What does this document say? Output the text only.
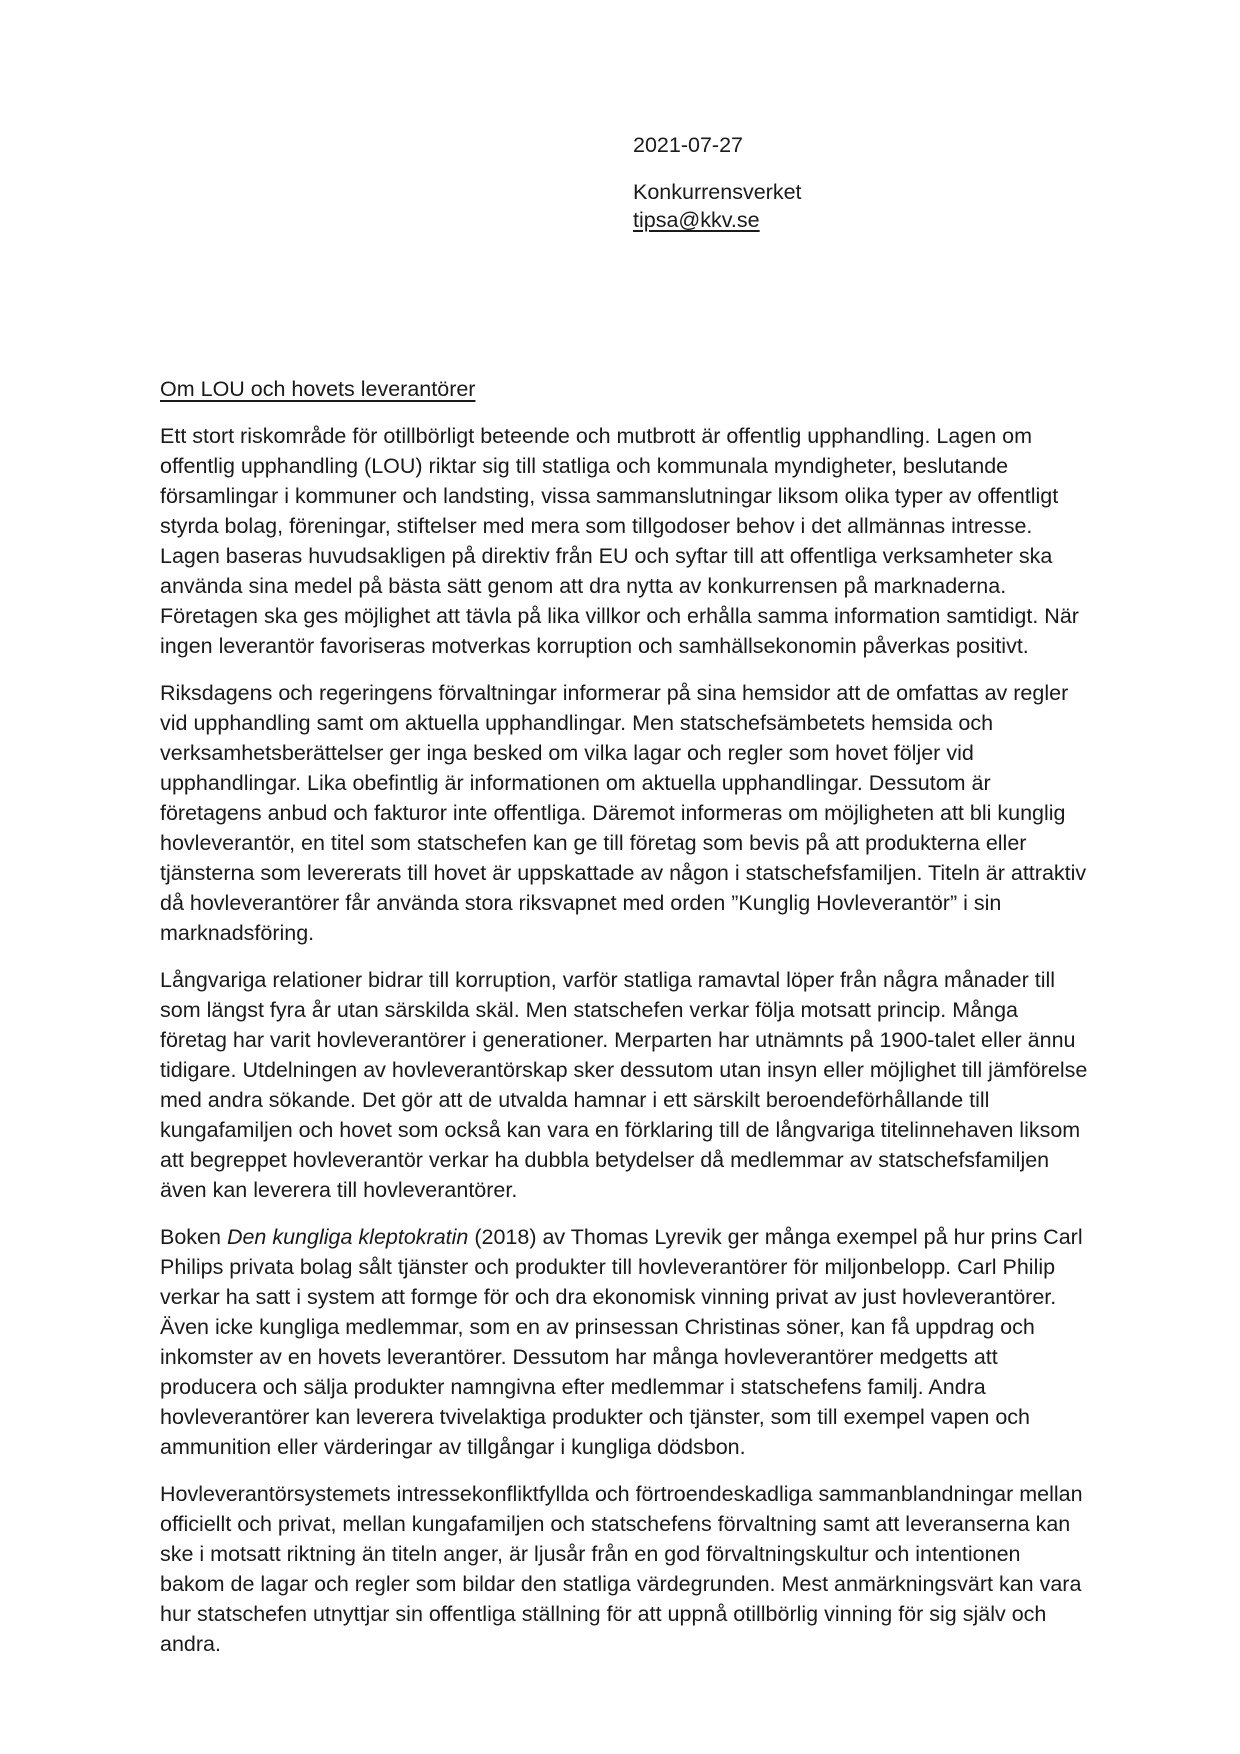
2021-07-27
Konkurrensverket
tipsa@kkv.se
Om LOU och hovets leverantörer

Ett stort riskområde för otillbörligt beteende och mutbrott är offentlig upphandling. Lagen om offentlig upphandling (LOU) riktar sig till statliga och kommunala myndigheter, beslutande församlingar i kommuner och landsting, vissa sammanslutningar liksom olika typer av offentligt styrda bolag, föreningar, stiftelser med mera som tillgodoser behov i det allmännas intresse. Lagen baseras huvudsakligen på direktiv från EU och syftar till att offentliga verksamheter ska använda sina medel på bästa sätt genom att dra nytta av konkurrensen på marknaderna. Företagen ska ges möjlighet att tävla på lika villkor och erhålla samma information samtidigt. När ingen leverantör favoriseras motverkas korruption och samhällsekonomin påverkas positivt.

Riksdagens och regeringens förvaltningar informerar på sina hemsidor att de omfattas av regler vid upphandling samt om aktuella upphandlingar. Men statschefsämbetets hemsida och verksamhetsberättelser ger inga besked om vilka lagar och regler som hovet följer vid upphandlingar. Lika obefintlig är informationen om aktuella upphandlingar. Dessutom är företagens anbud och fakturor inte offentliga. Däremot informeras om möjligheten att bli kunglig hovleverantör, en titel som statschefen kan ge till företag som bevis på att produkterna eller tjänsterna som levererats till hovet är uppskattade av någon i statschefsfamiljen. Titeln är attraktiv då hovleverantörer får använda stora riksvapnet med orden ”Kunglig Hovleverantör” i sin marknadsföring.

Långvariga relationer bidrar till korruption, varför statliga ramavtal löper från några månader till som längst fyra år utan särskilda skäl. Men statschefen verkar följa motsatt princip. Många företag har varit hovleverantörer i generationer. Merparten har utnämnts på 1900-talet eller ännu tidigare. Utdelningen av hovleverantörskap sker dessutom utan insyn eller möjlighet till jämförelse med andra sökande. Det gör att de utvalda hamnar i ett särskilt beroendeförhållande till kungafamiljen och hovet som också kan vara en förklaring till de långvariga titelinnehaven liksom att begreppet hovleverantör verkar ha dubbla betydelser då medlemmar av statschefsfamiljen även kan leverera till hovleverantörer.

Boken Den kungliga kleptokratin (2018) av Thomas Lyrevik ger många exempel på hur prins Carl Philips privata bolag sålt tjänster och produkter till hovleverantörer för miljonbelopp. Carl Philip verkar ha satt i system att formge för och dra ekonomisk vinning privat av just hovleverantörer. Även icke kungliga medlemmar, som en av prinsessan Christinas söner, kan få uppdrag och inkomster av en hovets leverantörer. Dessutom har många hovleverantörer medgetts att producera och sälja produkter namngivna efter medlemmar i statschefens familj. Andra hovleverantörer kan leverera tvivelaktiga produkter och tjänster, som till exempel vapen och ammunition eller värderingar av tillgångar i kungliga dödsbon.

Hovleverantörsystemets intressekonfliktfyllda och förtroendeskadliga sammanblandningar mellan officiellt och privat, mellan kungafamiljen och statschefens förvaltning samt att leveranserna kan ske i motsatt riktning än titeln anger, är ljusår från en god förvaltningskultur och intentionen bakom de lagar och regler som bildar den statliga värdegrunden. Mest anmärkningsvärt kan vara hur statschefen utnyttjar sin offentliga ställning för att uppnå otillbörlig vinning för sig själv och andra.
